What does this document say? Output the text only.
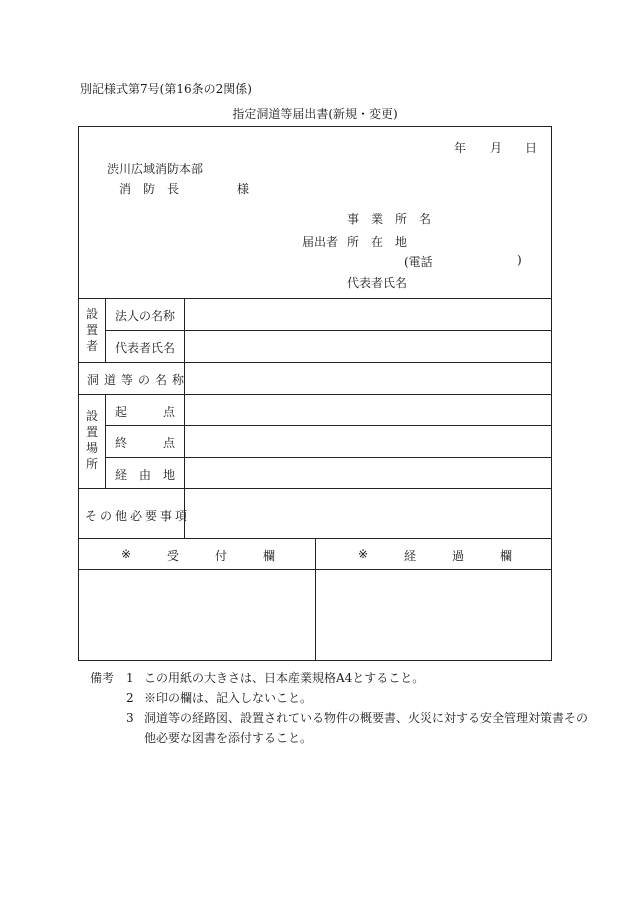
別記様式第7号(第16条の2関係)
指定洞道等届出書(新規・変更)
年 月 日
渋川広域消防本部
消　防　長	様
事　業　所　名
届出者 所　在　地
(電話	)
代表者氏名
設置者
法人の名称
代表者氏名
洞道等の名称
設置場所
起	点
終	点
経 由 地
その他必要事項
※	受	付	欄	※	経	過	欄
備考 1 この用紙の大きさは、日本産業規格A4とすること。
2 ※印の欄は、記入しないこと。
3 洞道等の経路図、設置されている物件の概要書、火災に対する安全管理対策書その他必要な図書を添付すること。
